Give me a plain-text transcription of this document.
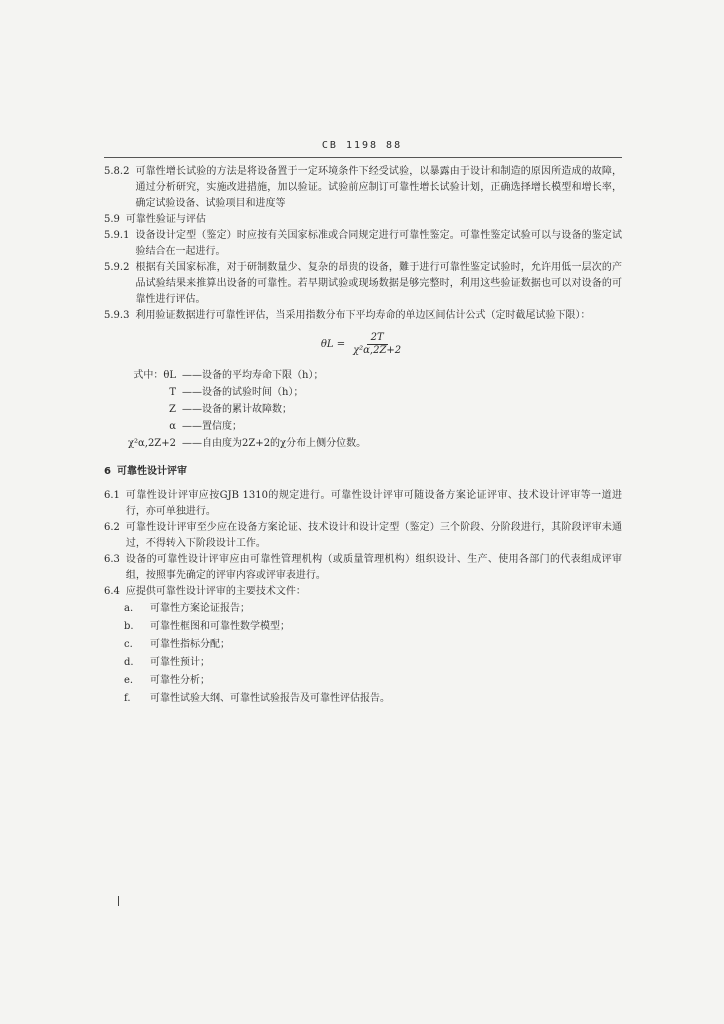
CB 1198 88

5.8.2 可靠性增长试验的方法是将设备置于一定环境条件下经受试验，以暴露由于设计和制造的原因所造成的故障，通过分析研究，实施改进措施，加以验证。试验前应制订可靠性增长试验计划，正确选择增长模型和增长率，确定试验设备、试验项目和进度等

5.9 可靠性验证与评估

5.9.1 设备设计定型（鉴定）时应按有关国家标准或合同规定进行可靠性鉴定。可靠性鉴定试验可以与设备的鉴定试验结合在一起进行。

5.9.2 根据有关国家标准，对于研制数量少、复杂的昂贵的设备，難于进行可靠性鉴定试验时，允许用低一层次的产品试验结果来推算出设备的可靠性。若早期试验或现场数据是够完整时，利用这些验证数据也可以对设备的可靠性进行评估。

5.9.3 利用验证数据进行可靠性评估，当采用指数分布下平均寿命的单边区间估计公式（定时截尾试验下限）：

$\theta L = \frac{2T}{\text{χ²α,2Z+2}}$
式中：θL ——设备的平均寿命下限（h）；
T ——设备的试验时间（h）；
Z ——设备的累计故障数；
α ——置信度；
χ²α,2Z+2 ——自由度为2Z+2的χ分布上侧分位数。
6 可靠性设计评审

6.1 可靠性设计评审应按GJB 1310的规定进行。可靠性设计评审可随设备方案论证评审、技术设计评审等一道进行，亦可单独进行。

6.2 可靠性设计评审至少应在设备方案论证、技术设计和设计定型（鉴定）三个阶段、分阶段进行，其阶段评审未通过，不得转入下阶段设计工作。

6.3 设备的可靠性设计评审应由可靠性管理机构（或质量管理机构）组织设计、生产、使用各部门的代表组成评审组，按照事先确定的评审内容或评审表进行。

6.4 应提供可靠性设计评审的主要技术文件：

a.	可靠性方案论证报告；
b.	可靠性框图和可靠性数学模型；
c.	可靠性指标分配；
d.	可靠性预计；
e.	可靠性分析；
f.	可靠性试验大纲、可靠性试验报告及可靠性评估报告。
